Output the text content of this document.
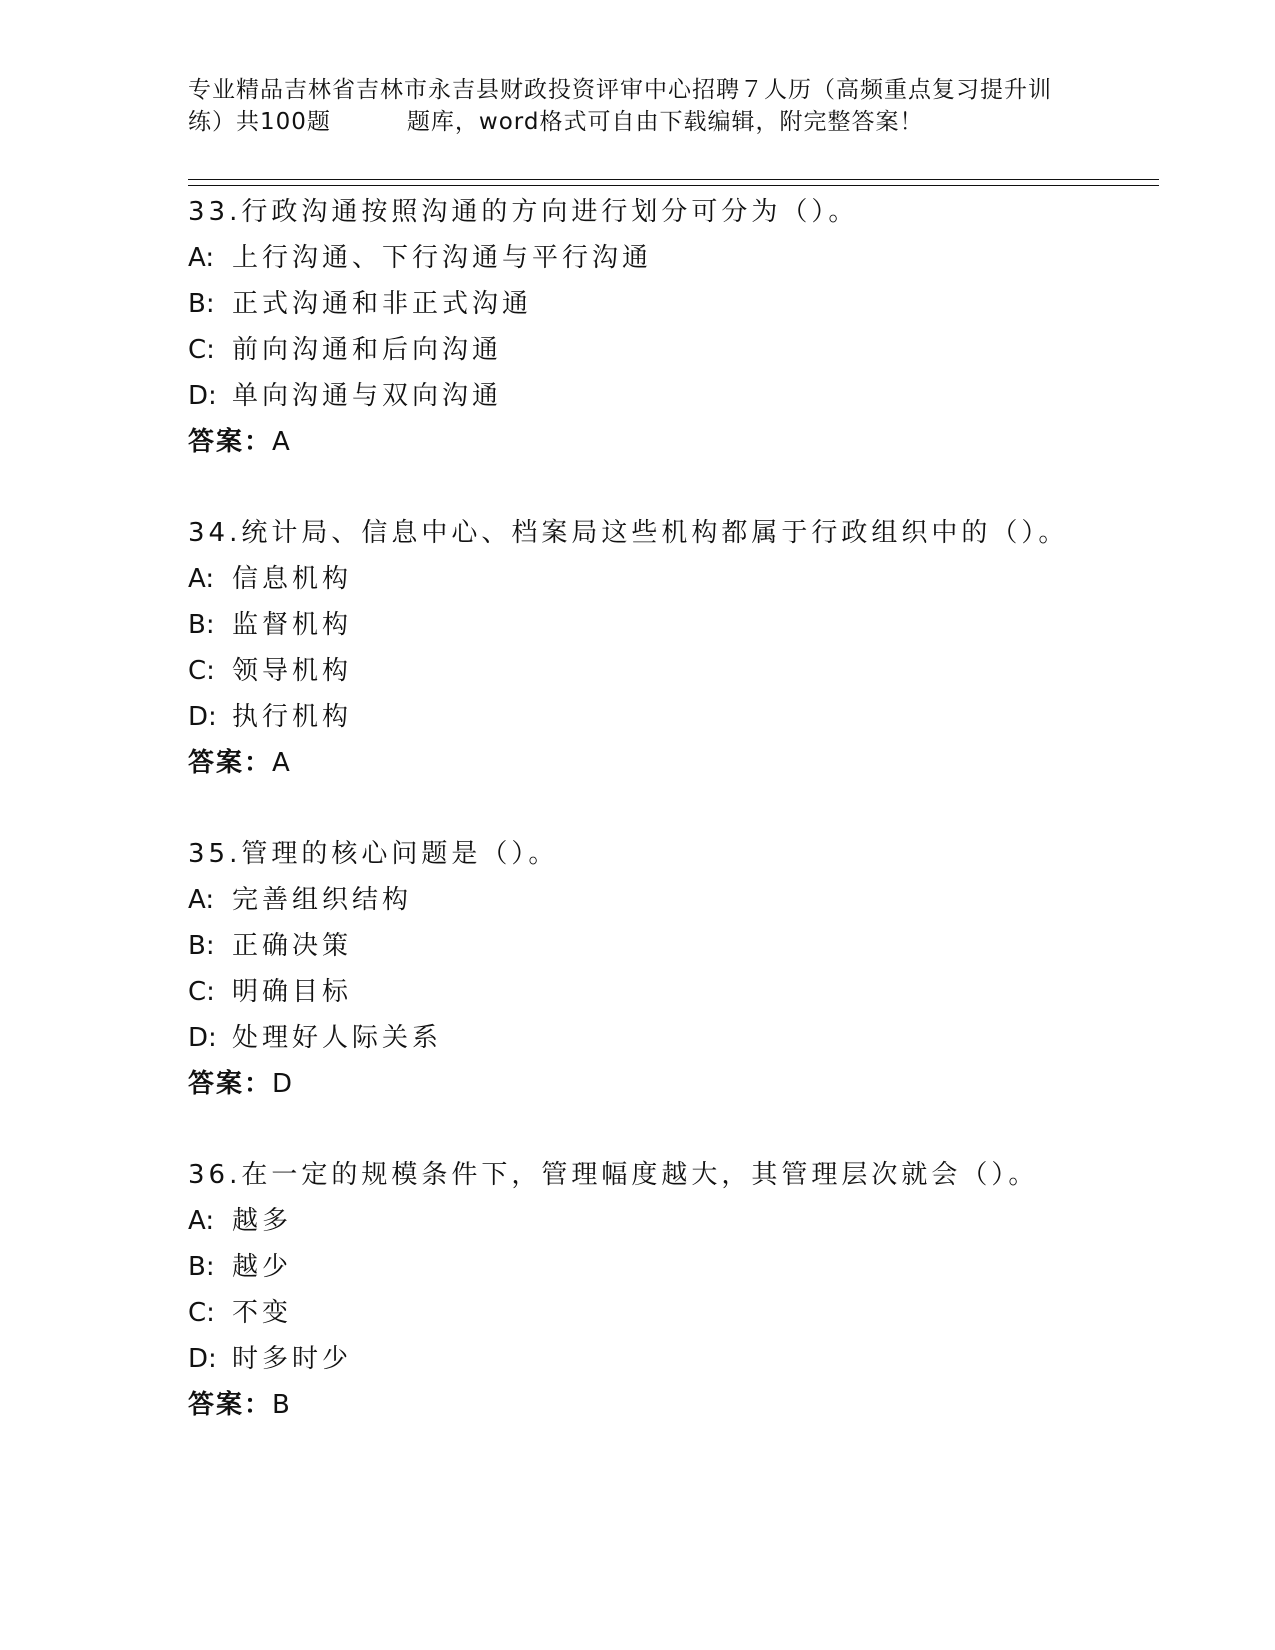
专业精品吉林省吉林市永吉县财政投资评审中心招聘７人历（高频重点复习提升训
练）共100题	题库，word格式可自由下载编辑，附完整答案！
33.行政沟通按照沟通的方向进行划分可分为（）。
A: 上行沟通、下行沟通与平行沟通
B: 正式沟通和非正式沟通
C: 前向沟通和后向沟通
D: 单向沟通与双向沟通
答案：A
34.统计局、信息中心、档案局这些机构都属于行政组织中的（）。
A: 信息机构
B: 监督机构
C: 领导机构
D: 执行机构
答案：A
35.管理的核心问题是（）。
A: 完善组织结构
B: 正确决策
C: 明确目标
D: 处理好人际关系
答案：D
36.在一定的规模条件下，管理幅度越大，其管理层次就会（）。
A: 越多
B: 越少
C: 不变
D: 时多时少
答案：B
